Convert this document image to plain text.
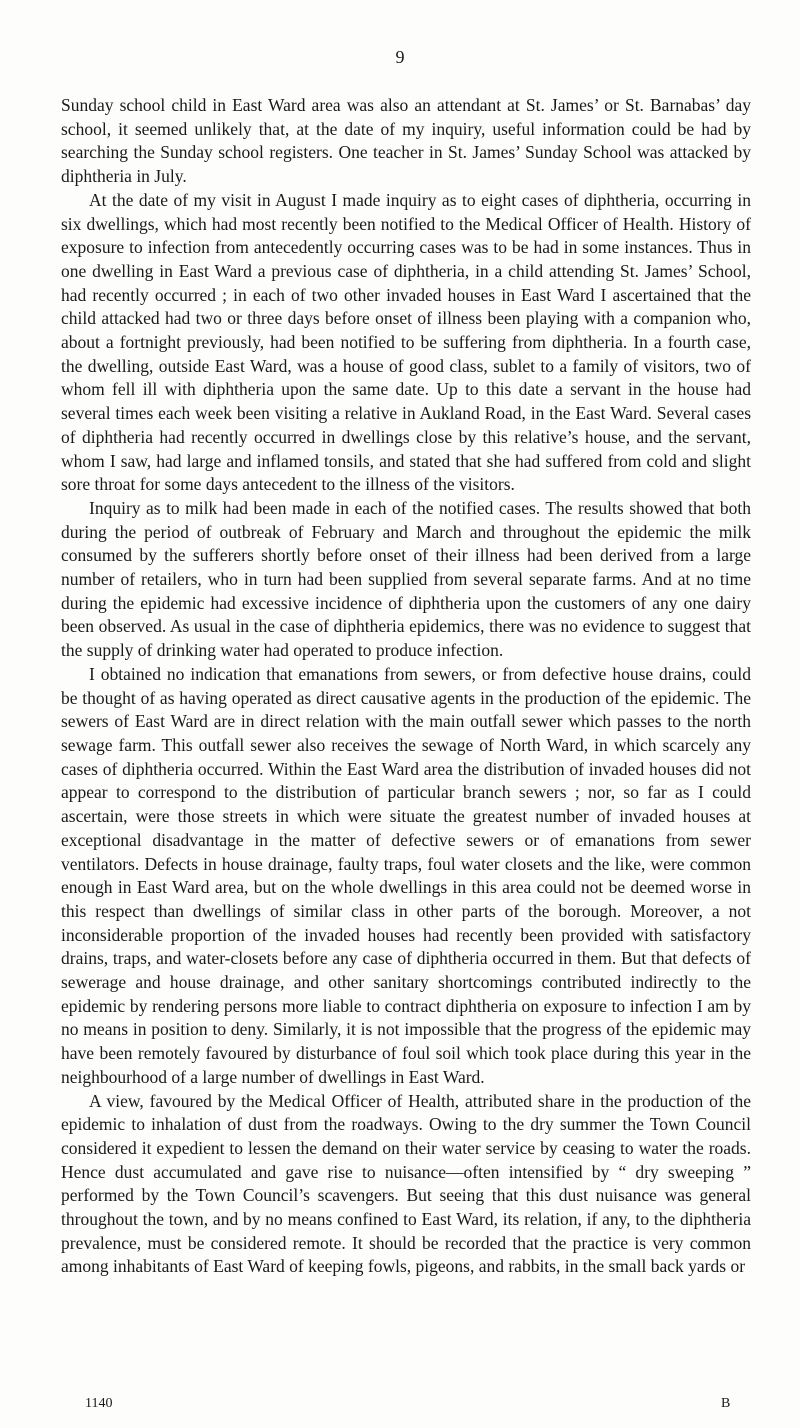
9

Sunday school child in East Ward area was also an attendant at St. James’ or St. Barnabas’ day school, it seemed unlikely that, at the date of my inquiry, useful information could be had by searching the Sunday school registers. One teacher in St. James’ Sunday School was attacked by diphtheria in July.

At the date of my visit in August I made inquiry as to eight cases of diphtheria, occurring in six dwellings, which had most recently been notified to the Medical Officer of Health. History of exposure to infection from antecedently occurring cases was to be had in some instances. Thus in one dwelling in East Ward a previous case of diphtheria, in a child attending St. James’ School, had recently occurred ; in each of two other invaded houses in East Ward I ascertained that the child attacked had two or three days before onset of illness been playing with a companion who, about a fortnight previously, had been notified to be suffering from diphtheria. In a fourth case, the dwelling, outside East Ward, was a house of good class, sublet to a family of visitors, two of whom fell ill with diphtheria upon the same date. Up to this date a servant in the house had several times each week been visiting a relative in Aukland Road, in the East Ward. Several cases of diphtheria had recently occurred in dwellings close by this relative’s house, and the servant, whom I saw, had large and inflamed tonsils, and stated that she had suffered from cold and slight sore throat for some days antecedent to the illness of the visitors.

Inquiry as to milk had been made in each of the notified cases. The results showed that both during the period of outbreak of February and March and throughout the epidemic the milk consumed by the sufferers shortly before onset of their illness had been derived from a large number of retailers, who in turn had been supplied from several separate farms. And at no time during the epidemic had excessive incidence of diphtheria upon the customers of any one dairy been observed. As usual in the case of diphtheria epidemics, there was no evidence to suggest that the supply of drinking water had operated to produce infection.

I obtained no indication that emanations from sewers, or from defective house drains, could be thought of as having operated as direct causative agents in the production of the epidemic. The sewers of East Ward are in direct relation with the main outfall sewer which passes to the north sewage farm. This outfall sewer also receives the sewage of North Ward, in which scarcely any cases of diphtheria occurred. Within the East Ward area the distribution of invaded houses did not appear to correspond to the distribution of particular branch sewers ; nor, so far as I could ascertain, were those streets in which were situate the greatest number of invaded houses at exceptional disadvantage in the matter of defective sewers or of emanations from sewer ventilators. Defects in house drainage, faulty traps, foul water closets and the like, were common enough in East Ward area, but on the whole dwellings in this area could not be deemed worse in this respect than dwellings of similar class in other parts of the borough. Moreover, a not inconsiderable proportion of the invaded houses had recently been provided with satisfactory drains, traps, and water-closets before any case of diphtheria occurred in them. But that defects of sewerage and house drainage, and other sanitary shortcomings contributed indirectly to the epidemic by rendering persons more liable to contract diphtheria on exposure to infection I am by no means in position to deny. Similarly, it is not impossible that the progress of the epidemic may have been remotely favoured by disturbance of foul soil which took place during this year in the neighbourhood of a large number of dwellings in East Ward.

A view, favoured by the Medical Officer of Health, attributed share in the production of the epidemic to inhalation of dust from the roadways. Owing to the dry summer the Town Council considered it expedient to lessen the demand on their water service by ceasing to water the roads. Hence dust accumulated and gave rise to nuisance—often intensified by “ dry sweeping ” performed by the Town Council’s scavengers. But seeing that this dust nuisance was general throughout the town, and by no means confined to East Ward, its relation, if any, to the diphtheria prevalence, must be considered remote. It should be recorded that the practice is very common among inhabitants of East Ward of keeping fowls, pigeons, and rabbits, in the small back yards or

1140	B
